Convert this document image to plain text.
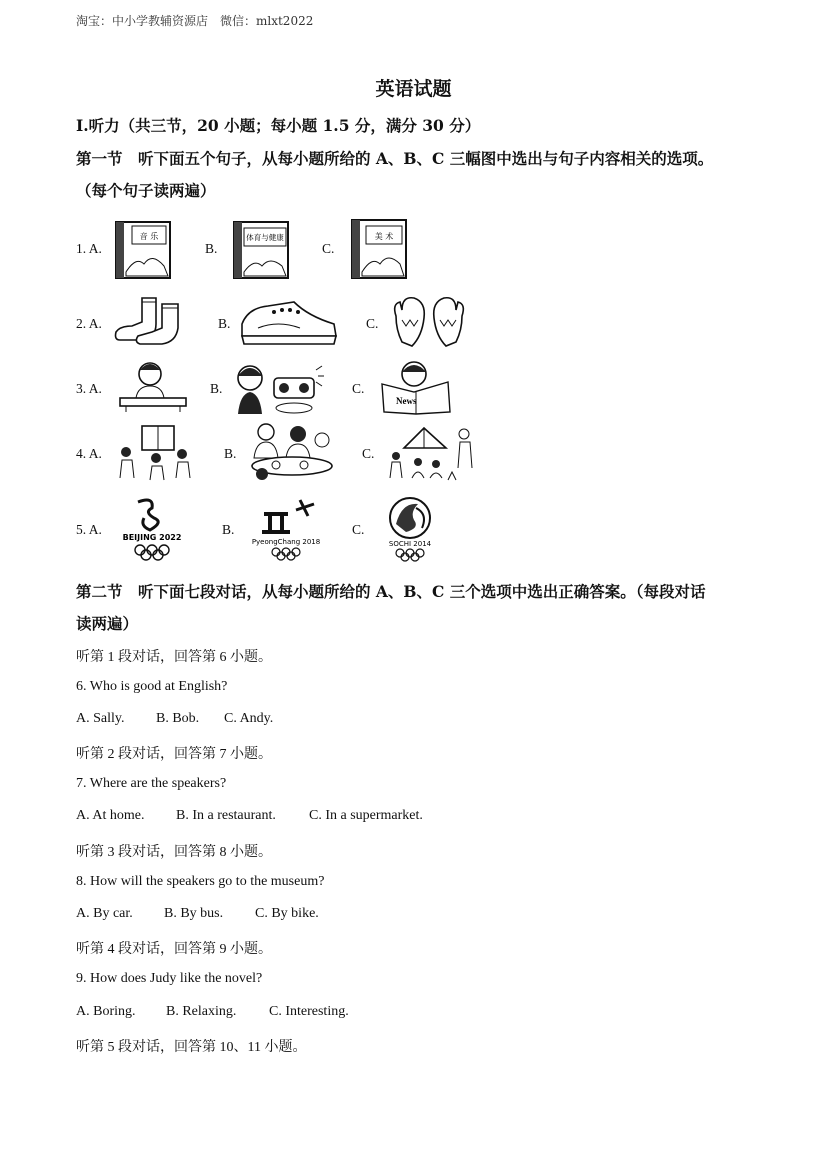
淘宝：中小学教辅资源店　微信：mlxt2022
英语试题
I.听力（共三节，20 小题；每小题 1.5 分，满分 30 分）
第一节　听下面五个句子，从每小题所给的 A、B、C 三幅图中选出与句子内容相关的选项。
（每个句子读两遍）
1. A.
音 乐
B.
体育与健康
C.
美 术
2. A.	B.	C.
3. A.	B.	C.
News
4. A.	B.	C.
5. A.
BEIJING 2022
B.
PyeongChang 2018
C.
SOCHI 2014
第二节　听下面七段对话，从每小题所给的 A、B、C 三个选项中选出正确答案。（每段对话
读两遍）
听第 1 段对话，回答第 6 小题。
6. Who is good at English?
A. Sally. B. Bob. C. Andy.
听第 2 段对话，回答第 7 小题。
7. Where are the speakers?
A. At home. B. In a restaurant. C. In a supermarket.
听第 3 段对话，回答第 8 小题。
8. How will the speakers go to the museum?
A. By car. B. By bus. C. By bike.
听第 4 段对话，回答第 9 小题。
9. How does Judy like the novel?
A. Boring. B. Relaxing. C. Interesting.
听第 5 段对话，回答第 10、11 小题。
